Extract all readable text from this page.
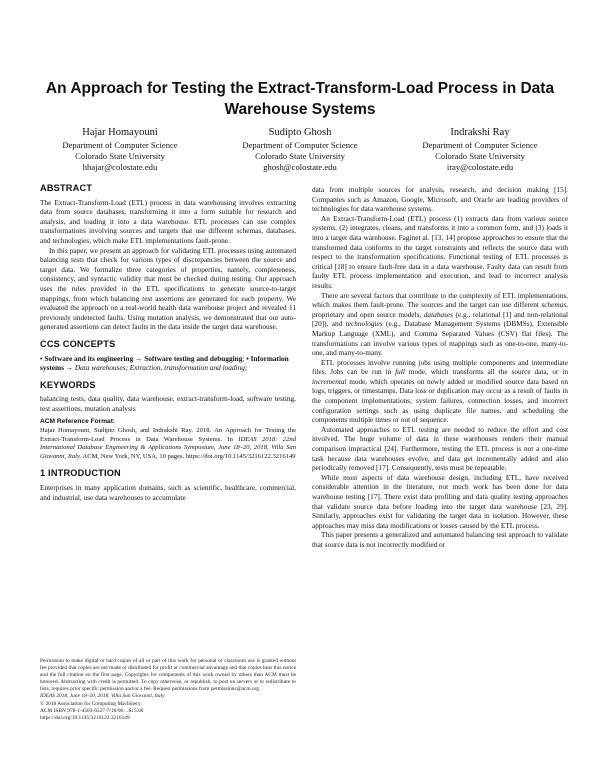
An Approach for Testing the Extract-Transform-Load Process in Data Warehouse Systems
Hajar Homayouni
Department of Computer Science
Colorado State University
hhajar@colostate.edu
Sudipto Ghosh
Department of Computer Science
Colorado State University
ghosh@colostate.edu
Indrakshi Ray
Department of Computer Science
Colorado State University
iray@colostate.edu
ABSTRACT

The Extract-Transform-Load (ETL) process in data warehousing involves extracting data from source databases, transforming it into a form suitable for research and analysis, and loading it into a data warehouse. ETL processes can use complex transformations involving sources and targets that use different schemas, databases, and technologies, which make ETL implementations fault-prone.

In this paper, we present an approach for validating ETL processes using automated balancing tests that check for various types of discrepancies between the source and target data. We formalize three categories of properties, namely, completeness, consistency, and syntactic validity that must be checked during testing. Our approach uses the rules provided in the ETL specifications to generate source-to-target mappings, from which balancing test assertions are generated for each property. We evaluated the approach on a real-world health data warehouse project and revealed 11 previously undetected faults. Using mutation analysis, we demonstrated that our auto-generated assertions can detect faults in the data inside the target data warehouse.

CCS CONCEPTS
• Software and its engineering → Software testing and debugging; • Information systems → Data warehouses; Extraction, transformation and loading;
KEYWORDS

balancing tests, data quality, data warehouse, extract-transform-load, software testing, test assertions, mutation analysis

ACM Reference Format:
Hajar Homayouni, Sudipto Ghosh, and Indrakshi Ray. 2018. An Approach for Testing the Extract-Transform-Load Process in Data Warehouse Systems. In IDEAS 2018: 22nd International Database Engineering & Applications Symposium, June 18–20, 2018, Villa San Giovanni, Italy. ACM, New York, NY, USA, 10 pages. https://doi.org/10.1145/3216122.3216149
1 INTRODUCTION

Enterprises in many application domains, such as scientific, healthcare, commercial, and industrial, use data warehouses to accumulate

Permission to make digital or hard copies of all or part of this work for personal or classroom use is granted without fee provided that copies are not made or distributed for profit or commercial advantage and that copies bear this notice and the full citation on the first page. Copyrights for components of this work owned by others than ACM must be honored. Abstracting with credit is permitted. To copy otherwise, or republish, to post on servers or to redistribute to lists, requires prior specific permission and/or a fee. Request permissions from permissions@acm.org.
IDEAS 2018, June 18–20, 2018, Villa San Giovanni, Italy
© 2018 Association for Computing Machinery.
ACM ISBN 978-1-4503-6527-7/18/06…$15.00
https://doi.org/10.1145/3216122.3216149

data from multiple sources for analysis, research, and decision making [15]. Companies such as Amazon, Google, Microsoft, and Oracle are leading providers of technologies for data warehouse systems.

An Extract-Transform-Load (ETL) process (1) extracts data from various source systems, (2) integrates, cleans, and transforms it into a common form, and (3) loads it into a target data warehouse. Faginet al. [13, 14] propose approaches to ensure that the transformed data conforms to the target constraints and reflects the source data with respect to the transformation specifications. Functional testing of ETL processes is critical [18] to ensure fault-free data in a data warehouse. Faulty data can result from faulty ETL process implementation and execution, and lead to incorrect analysis results.

There are several factors that contribute to the complexity of ETL implementations, which makes them fault-prone. The sources and the target can use different schemas, proprietary and open source models, databases (e.g., relational [1] and non-relational [20]), and technologies (e.g., Database Management Systems (DBMSs), Extensible Markup Language (XML), and Comma Separated Values (CSV) flat files). The transformations can involve various types of mappings such as one-to-one, many-to-one, and many-to-many.

ETL processes involve running jobs using multiple components and intermediate files. Jobs can be run in full mode, which transforms all the source data, or in incremental mode, which operates on newly added or modified source data based on logs, triggers, or timestamps. Data loss or duplication may occur as a result of faults in the component implementations, system failures, connection losses, and incorrect configuration settings such as using duplicate file names, and scheduling the components multiple times or out of sequence.

Automated approaches to ETL testing are needed to reduce the effort and cost involved. The huge volume of data in these warehouses renders their manual comparison impractical [24]. Furthermore, testing the ETL process is not a one-time task because data warehouses evolve, and data get incrementally added and also periodically removed [17]. Consequently, tests must be repeatable.

While most aspects of data warehouse design, including ETL, have received considerable attention in the literature, not much work has been done for data warehouse testing [17]. There exist data profiling and data quality testing approaches that validate source data before loading into the target data warehouse [23, 29]. Similarly, approaches exist for validating the target data in isolation. However, these approaches may miss data modifications or losses caused by the ETL process.

This paper presents a generalized and automated balancing test approach to validate that source data is not incorrectly modified or
